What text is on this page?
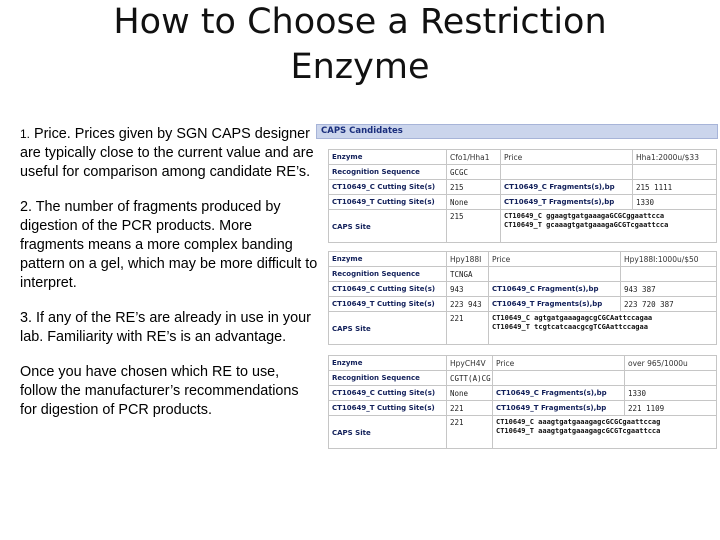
How to Choose a Restriction
Enzyme

1. Price. Prices given by SGN CAPS designer are typically close to the current value and are useful for comparison among candidate RE’s.

2. The number of fragments produced by digestion of the PCR products. More fragments means a more complex banding pattern on a gel, which may be more difficult to interpret.

3. If any of the RE’s are already in use in your lab. Familiarity with RE’s is an advantage.

Once you have chosen which RE to use, follow the manufacturer’s recommendations for digestion of PCR products.

CAPS Candidates
Enzyme	Cfo1/Hha1	Price	Hha1:2000u/$33
Recognition Sequence	GCGC		
CT10649_C Cutting Site(s)	215	CT10649_C Fragments(s),bp	215 1111
CT10649_T Cutting Site(s)	None	CT10649_T Fragments(s),bp	1330
CAPS Site	215	CT10649_C ggaagtgatgaaagaGCGCggaattcca
CT10649_T gcaaagtgatgaaagaGCGTcgaattcca	
Enzyme	Hpy188I	Price	Hpy188I:1000u/$50
Recognition Sequence	TCNGA		
CT10649_C Cutting Site(s)	943	CT10649_C Fragment(s),bp	943 387
CT10649_T Cutting Site(s)	223 943	CT10649_T Fragments(s),bp	223 720 387
CAPS Site	221	CT10649_C agtgatgaaagagcgCGCAattccagaa
CT10649_T tcgtcatcaacgcgTCGAattccagaa	
Enzyme	HpyCH4V	Price	over 965/1000u
Recognition Sequence	CGTT(A)CG		
CT10649_C Cutting Site(s)	None	CT10649_C Fragments(s),bp	1330
CT10649_T Cutting Site(s)	221	CT10649_T Fragments(s),bp	221 1109
CAPS Site	221	CT10649_C aaagtgatgaaagagcGCGCgaattccag
CT10649_T aaagtgatgaaagagcGCGTcgaattcca	
